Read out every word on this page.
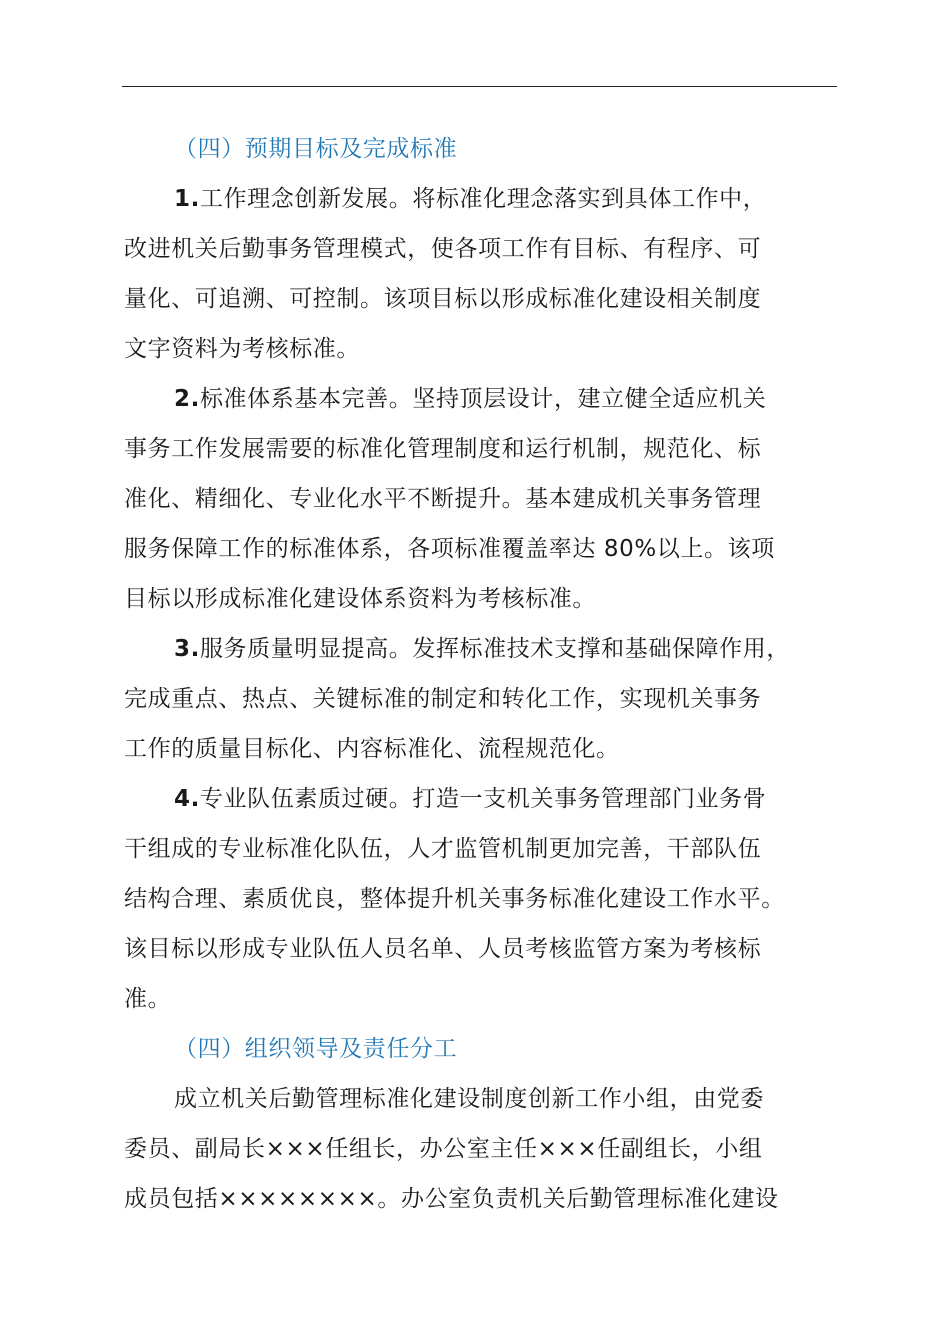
（四）预期目标及完成标准
1.工作理念创新发展。将标准化理念落实到具体工作中，
改进机关后勤事务管理模式，使各项工作有目标、有程序、可
量化、可追溯、可控制。该项目标以形成标准化建设相关制度
文字资料为考核标准。
2.标准体系基本完善。坚持顶层设计，建立健全适应机关
事务工作发展需要的标准化管理制度和运行机制，规范化、标
准化、精细化、专业化水平不断提升。基本建成机关事务管理
服务保障工作的标准体系，各项标准覆盖率达 80%以上。该项
目标以形成标准化建设体系资料为考核标准。
3.服务质量明显提高。发挥标准技术支撑和基础保障作用，
完成重点、热点、关键标准的制定和转化工作，实现机关事务
工作的质量目标化、内容标准化、流程规范化。
4.专业队伍素质过硬。打造一支机关事务管理部门业务骨
干组成的专业标准化队伍，人才监管机制更加完善，干部队伍
结构合理、素质优良，整体提升机关事务标准化建设工作水平。
该目标以形成专业队伍人员名单、人员考核监管方案为考核标
准。
（四）组织领导及责任分工
成立机关后勤管理标准化建设制度创新工作小组，由党委
委员、副局长×××任组长，办公室主任×××任副组长，小组
成员包括××××××××。办公室负责机关后勤管理标准化建设
